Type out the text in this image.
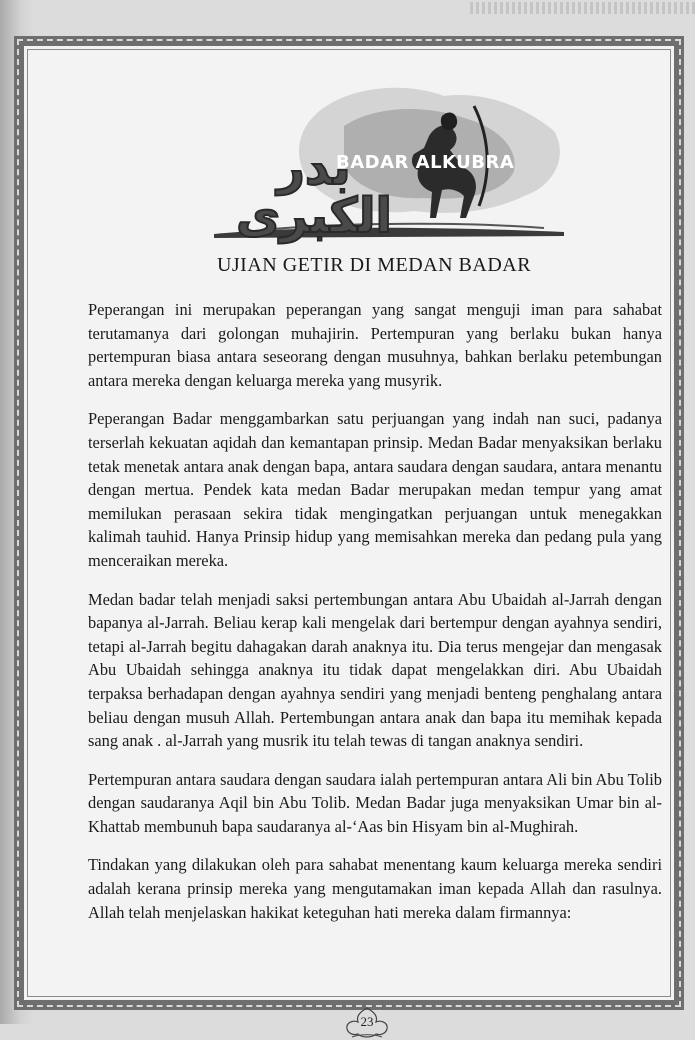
بدر الكبرى
BADAR ALKUBRA
UJIAN GETIR DI MEDAN BADAR

Peperangan ini merupakan peperangan yang sangat menguji iman para sahabat terutamanya dari golongan muhajirin. Pertempuran yang berlaku bukan hanya pertempuran biasa antara seseorang dengan musuhnya, bahkan berlaku petembungan antara mereka dengan keluarga mereka yang musyrik.

Peperangan Badar menggambarkan satu perjuangan yang indah nan suci, padanya terserlah kekuatan aqidah dan kemantapan prinsip. Medan Badar menyaksikan berlaku tetak menetak antara anak dengan bapa, antara saudara dengan saudara, antara menantu dengan mertua. Pendek kata medan Badar merupakan medan tempur yang amat memilukan perasaan sekira tidak mengingatkan perjuangan untuk menegakkan kalimah tauhid. Hanya Prinsip hidup yang memisahkan mereka dan pedang pula yang menceraikan mereka.

Medan badar telah menjadi saksi pertembungan antara Abu Ubaidah al-Jarrah dengan bapanya al-Jarrah. Beliau kerap kali mengelak dari bertempur dengan ayahnya sendiri, tetapi al-Jarrah begitu dahagakan darah anaknya itu. Dia terus mengejar dan mengasak Abu Ubaidah sehingga anaknya itu tidak dapat mengelakkan diri. Abu Ubaidah terpaksa berhadapan dengan ayahnya sendiri yang menjadi benteng penghalang antara beliau dengan musuh Allah. Pertembungan antara anak dan bapa itu memihak kepada sang anak . al-Jarrah yang musrik itu telah tewas di tangan anaknya sendiri.

Pertempuran antara saudara dengan saudara ialah pertempuran antara Ali bin Abu Tolib dengan saudaranya Aqil bin Abu Tolib. Medan Badar juga menyaksikan Umar bin al-Khattab membunuh bapa saudaranya al-‘Aas bin Hisyam bin al-Mughirah.

Tindakan yang dilakukan oleh para sahabat menentang kaum keluarga mereka sendiri adalah kerana prinsip mereka yang mengutamakan iman kepada Allah dan rasulnya. Allah telah menjelaskan hakikat keteguhan hati mereka dalam firmannya:

23
